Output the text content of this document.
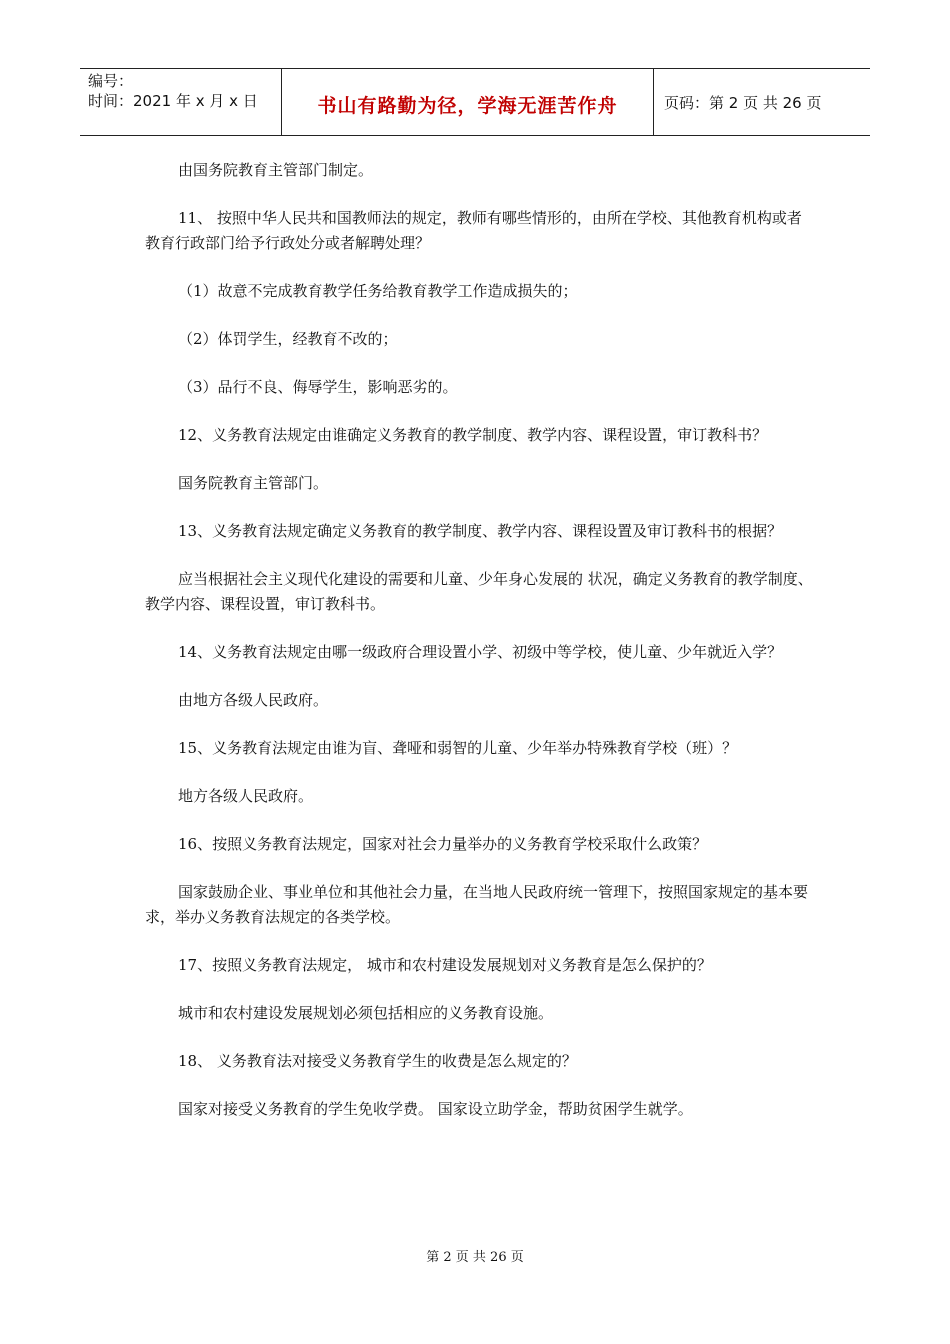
编号：
时间：2021 年 x 月 x 日	书山有路勤为径，学海无涯苦作舟	页码：第 2 页 共 26 页

由国务院教育主管部门制定。

11、 按照中华人民共和国教师法的规定，教师有哪些情形的，由所在学校、其他教育机构或者教育行政部门给予行政处分或者解聘处理？

（1）故意不完成教育教学任务给教育教学工作造成损失的；

（2）体罚学生，经教育不改的；

（3）品行不良、侮辱学生，影响恶劣的。

12、义务教育法规定由谁确定义务教育的教学制度、教学内容、课程设置，审订教科书？

国务院教育主管部门。

13、义务教育法规定确定义务教育的教学制度、教学内容、课程设置及审订教科书的根据？

应当根据社会主义现代化建设的需要和儿童、少年身心发展的 状况，确定义务教育的教学制度、教学内容、课程设置，审订教科书。

14、义务教育法规定由哪一级政府合理设置小学、初级中等学校，使儿童、少年就近入学？

由地方各级人民政府。

15、义务教育法规定由谁为盲、聋哑和弱智的儿童、少年举办特殊教育学校（班）？

地方各级人民政府。

16、按照义务教育法规定，国家对社会力量举办的义务教育学校采取什么政策？

国家鼓励企业、事业单位和其他社会力量，在当地人民政府统一管理下，按照国家规定的基本要求，举办义务教育法规定的各类学校。

17、按照义务教育法规定， 城市和农村建设发展规划对义务教育是怎么保护的？

城市和农村建设发展规划必须包括相应的义务教育设施。

18、 义务教育法对接受义务教育学生的收费是怎么规定的？

国家对接受义务教育的学生免收学费。 国家设立助学金，帮助贫困学生就学。

第 2 页 共 26 页
